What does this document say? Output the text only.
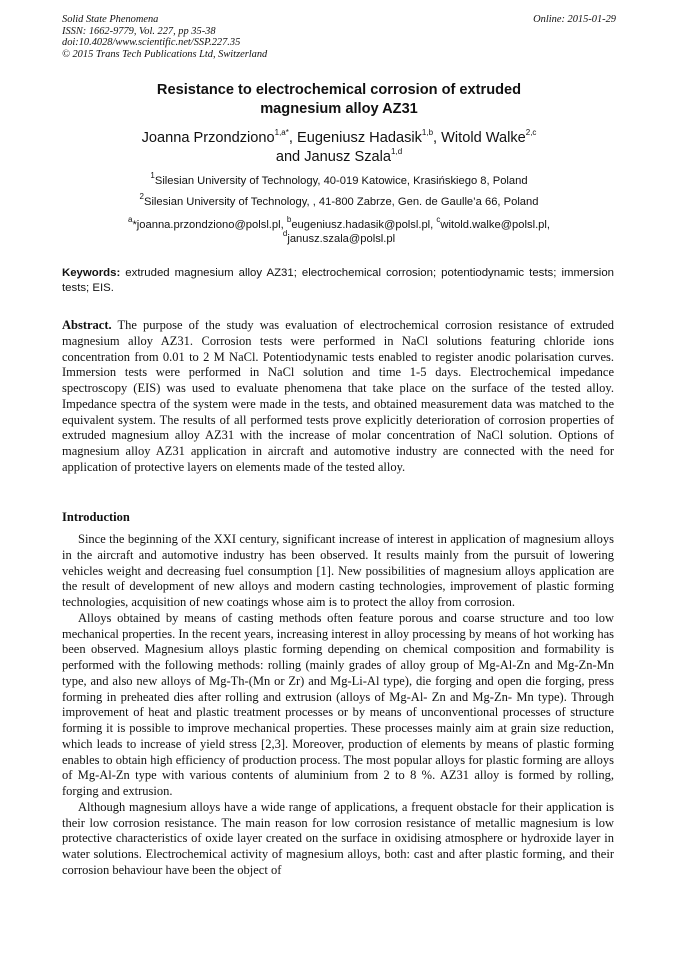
Solid State Phenomena
ISSN: 1662-9779, Vol. 227, pp 35-38
doi:10.4028/www.scientific.net/SSP.227.35
© 2015 Trans Tech Publications Ltd, Switzerland
Online: 2015-01-29
Resistance to electrochemical corrosion of extruded
magnesium alloy AZ31
Joanna Przondziono$^{1,a*}$, Eugeniusz Hadasik$^{1,b}$, Witold Walke$^{2,c}$
and Janusz Szala$^{1,d}$
$^1$Silesian University of Technology, 40-019 Katowice, Krasińskiego 8, Poland
$^2$Silesian University of Technology, , 41-800 Zabrze, Gen. de Gaulle’a 66, Poland
$^a$*joanna.przondziono@polsl.pl, $^b$eugeniusz.hadasik@polsl.pl, $^c$witold.walke@polsl.pl,
$^d$janusz.szala@polsl.pl
Keywords: extruded magnesium alloy AZ31; electrochemical corrosion; potentiodynamic tests; immersion tests; EIS.

Abstract. The purpose of the study was evaluation of electrochemical corrosion resistance of extruded magnesium alloy AZ31. Corrosion tests were performed in NaCl solutions featuring chloride ions concentration from 0.01 to 2 M NaCl. Potentiodynamic tests enabled to register anodic polarisation curves. Immersion tests were performed in NaCl solution and time 1-5 days. Electrochemical impedance spectroscopy (EIS) was used to evaluate phenomena that take place on the surface of the tested alloy. Impedance spectra of the system were made in the tests, and obtained measurement data was matched to the equivalent system. The results of all performed tests prove explicitly deterioration of corrosion properties of extruded magnesium alloy AZ31 with the increase of molar concentration of NaCl solution. Options of magnesium alloy AZ31 application in aircraft and automotive industry are connected with the need for application of protective layers on elements made of the tested alloy.

Introduction

Since the beginning of the XXI century, significant increase of interest in application of magnesium alloys in the aircraft and automotive industry has been observed. It results mainly from the pursuit of lowering vehicles weight and decreasing fuel consumption [1]. New possibilities of magnesium alloys application are the result of development of new alloys and modern casting technologies, improvement of plastic forming technologies, acquisition of new coatings whose aim is to protect the alloy from corrosion.

Alloys obtained by means of casting methods often feature porous and coarse structure and too low mechanical properties. In the recent years, increasing interest in alloy processing by means of hot working has been observed. Magnesium alloys plastic forming depending on chemical composition and formability is performed with the following methods: rolling (mainly grades of alloy group of Mg-Al-Zn and Mg-Zn-Mn type, and also new alloys of Mg-Th-(Mn or Zr) and Mg-Li-Al type), die forging and open die forging, press forming in preheated dies after rolling and extrusion (alloys of Mg-Al- Zn and Mg-Zn- Mn type). Through improvement of heat and plastic treatment processes or by means of unconventional processes of structure forming it is possible to improve mechanical properties. These processes mainly aim at grain size reduction, which leads to increase of yield stress [2,3]. Moreover, production of elements by means of plastic forming enables to obtain high efficiency of production process. The most popular alloys for plastic forming are alloys of Mg-Al-Zn type with various contents of aluminium from 2 to 8 %. AZ31 alloy is formed by rolling, forging and extrusion.

Although magnesium alloys have a wide range of applications, a frequent obstacle for their application is their low corrosion resistance. The main reason for low corrosion resistance of metallic magnesium is low protective characteristics of oxide layer created on the surface in oxidising atmosphere or hydroxide layer in water solutions. Electrochemical activity of magnesium alloys, both: cast and after plastic forming, and their corrosion behaviour have been the object of
